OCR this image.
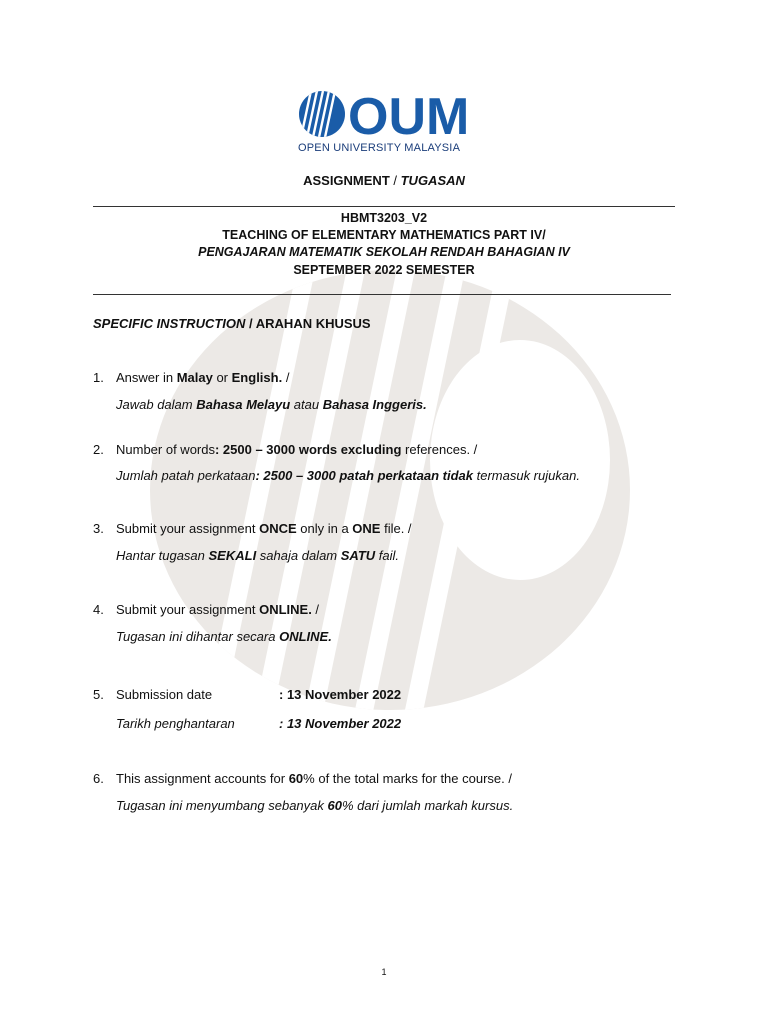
OUM
OPEN UNIVERSITY MALAYSIA
ASSIGNMENT / TUGASAN
HBMT3203_V2
TEACHING OF ELEMENTARY MATHEMATICS PART IV/
PENGAJARAN MATEMATIK SEKOLAH RENDAH BAHAGIAN IV
SEPTEMBER 2022 SEMESTER
SPECIFIC INSTRUCTION / ARAHAN KHUSUS
1. Answer in Malay or English. /
Jawab dalam Bahasa Melayu atau Bahasa Inggeris.
2. Number of words: 2500 – 3000 words excluding references. /
Jumlah patah perkataan: 2500 – 3000 patah perkataan tidak termasuk rujukan.
3. Submit your assignment ONCE only in a ONE file. /
Hantar tugasan SEKALI sahaja dalam SATU fail.
4. Submit your assignment ONLINE. /
Tugasan ini dihantar secara ONLINE.
5. Submission date	: 13 November 2022
Tarikh penghantaran	: 13 November 2022
6. This assignment accounts for 60% of the total marks for the course. /
Tugasan ini menyumbang sebanyak 60% dari jumlah markah kursus.
1
